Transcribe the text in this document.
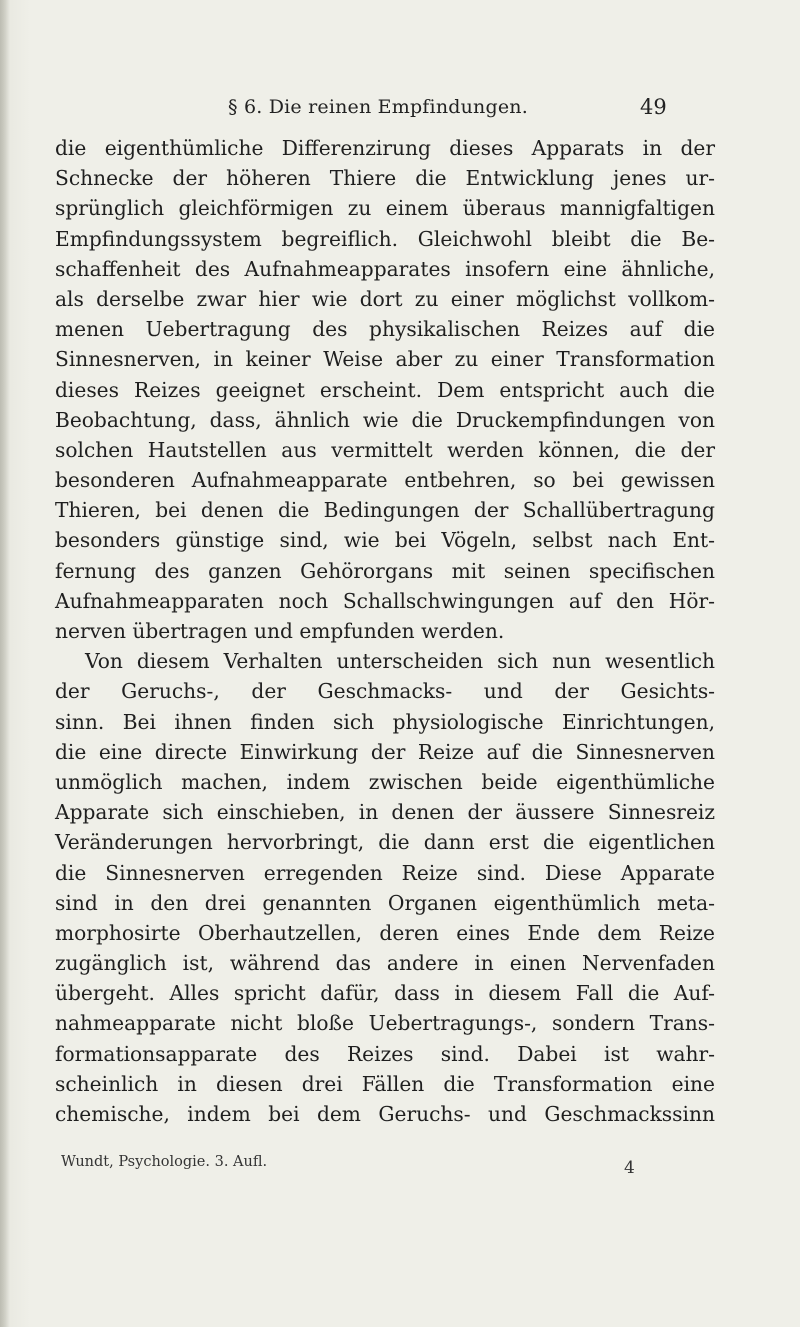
§ 6. Die reinen Empfindungen.	49
die eigenthümliche Differenzirung dieses Apparats in der
Schnecke der höheren Thiere die Entwicklung jenes ur-
sprünglich gleichförmigen zu einem überaus mannigfaltigen
Empfindungssystem begreiflich. Gleichwohl bleibt die Be-
schaffenheit des Aufnahmeapparates insofern eine ähnliche,
als derselbe zwar hier wie dort zu einer möglichst vollkom-
menen Uebertragung des physikalischen Reizes auf die
Sinnesnerven, in keiner Weise aber zu einer Transformation
dieses Reizes geeignet erscheint. Dem entspricht auch die
Beobachtung, dass, ähnlich wie die Druckempfindungen von
solchen Hautstellen aus vermittelt werden können, die der
besonderen Aufnahmeapparate entbehren, so bei gewissen
Thieren, bei denen die Bedingungen der Schallübertragung
besonders günstige sind, wie bei Vögeln, selbst nach Ent-
fernung des ganzen Gehörorgans mit seinen specifischen
Aufnahmeapparaten noch Schallschwingungen auf den Hör-
nerven übertragen und empfunden werden.
Von diesem Verhalten unterscheiden sich nun wesentlich
der Geruchs-, der Geschmacks- und der Gesichts-
sinn. Bei ihnen finden sich physiologische Einrichtungen,
die eine directe Einwirkung der Reize auf die Sinnesnerven
unmöglich machen, indem zwischen beide eigenthümliche
Apparate sich einschieben, in denen der äussere Sinnesreiz
Veränderungen hervorbringt, die dann erst die eigentlichen
die Sinnesnerven erregenden Reize sind. Diese Apparate
sind in den drei genannten Organen eigenthümlich meta-
morphosirte Oberhautzellen, deren eines Ende dem Reize
zugänglich ist, während das andere in einen Nervenfaden
übergeht. Alles spricht dafür, dass in diesem Fall die Auf-
nahmeapparate nicht bloße Uebertragungs-, sondern Trans-
formationsapparate des Reizes sind. Dabei ist wahr-
scheinlich in diesen drei Fällen die Transformation eine
chemische, indem bei dem Geruchs- und Geschmackssinn
Wundt, Psychologie. 3. Aufl.	4
